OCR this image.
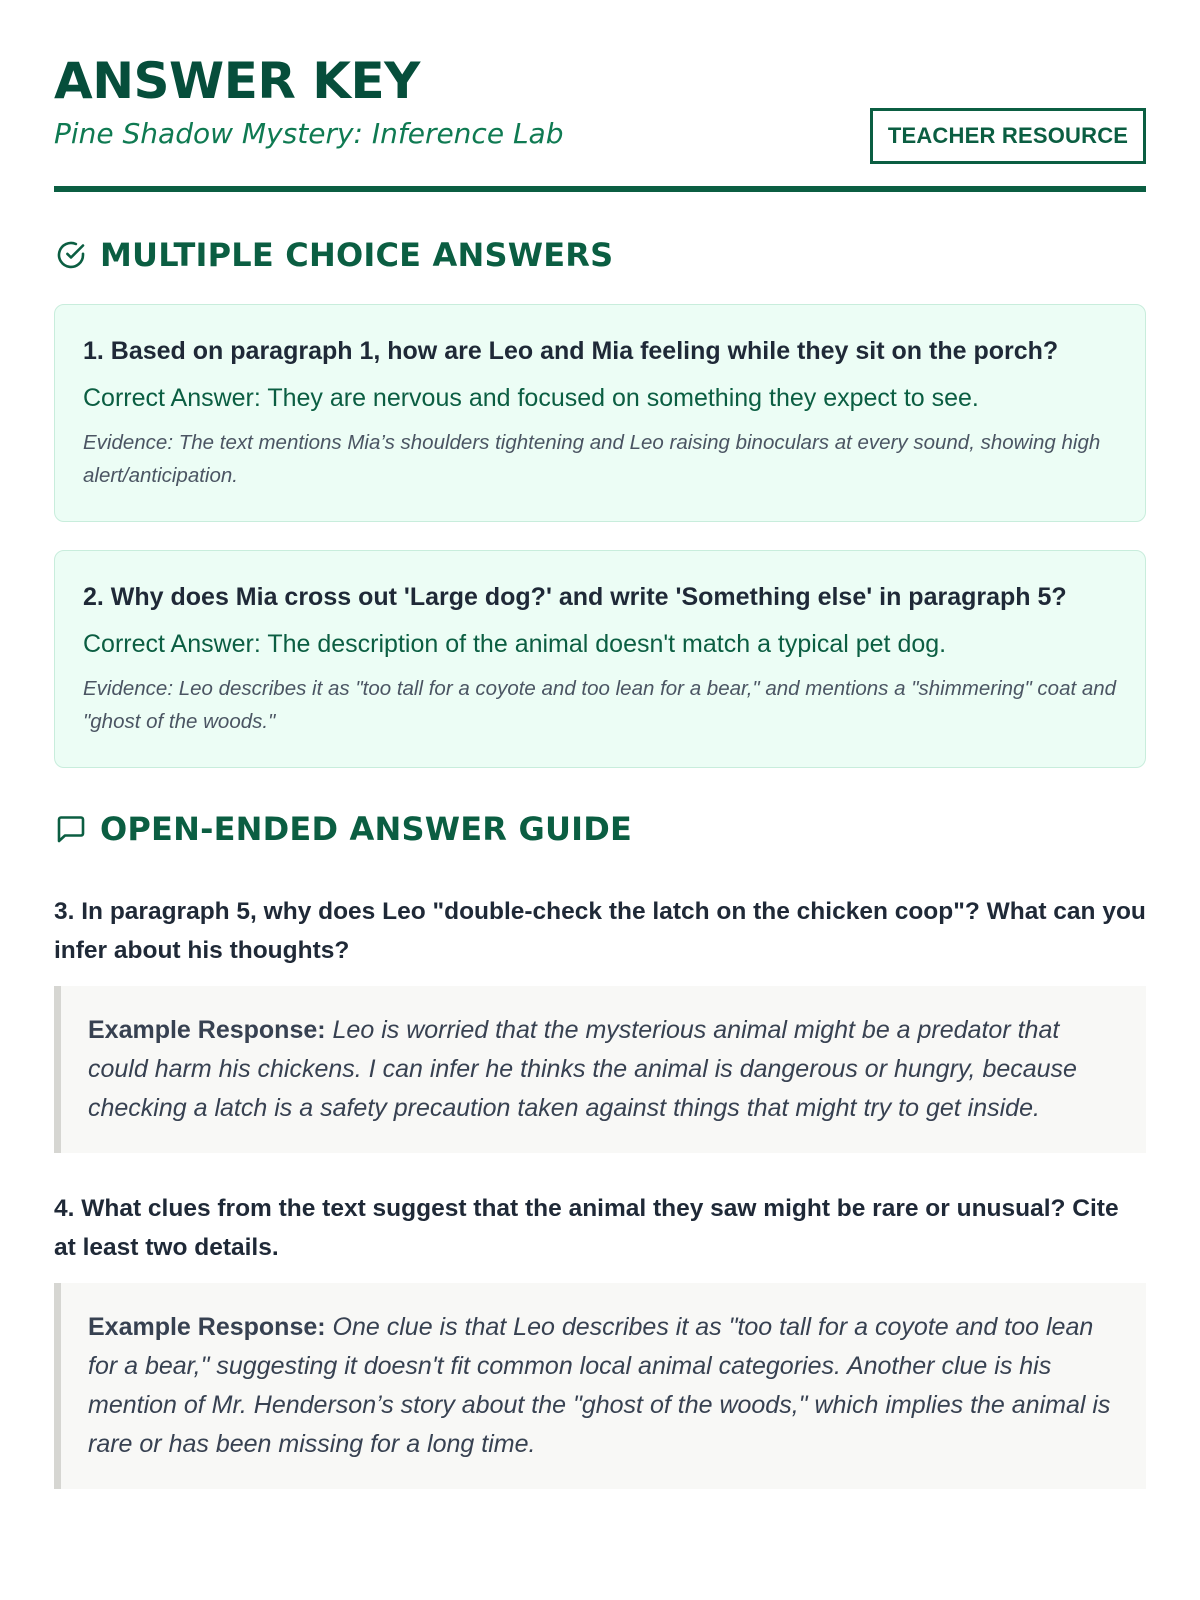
ANSWER KEY
Pine Shadow Mystery: Inference Lab	TEACHER RESOURCE
MULTIPLE CHOICE ANSWERS
1. Based on paragraph 1, how are Leo and Mia feeling while they sit on the porch?
Correct Answer: They are nervous and focused on something they expect to see.
Evidence: The text mentions Mia’s shoulders tightening and Leo raising binoculars at every sound, showing high alert/anticipation.
2. Why does Mia cross out 'Large dog?' and write 'Something else' in paragraph 5?
Correct Answer: The description of the animal doesn't match a typical pet dog.
Evidence: Leo describes it as "too tall for a coyote and too lean for a bear," and mentions a "shimmering" coat and "ghost of the woods."
OPEN-ENDED ANSWER GUIDE
3. In paragraph 5, why does Leo "double-check the latch on the chicken coop"? What can you infer about his thoughts?
Example Response: Leo is worried that the mysterious animal might be a predator that could harm his chickens. I can infer he thinks the animal is dangerous or hungry, because checking a latch is a safety precaution taken against things that might try to get inside.
4. What clues from the text suggest that the animal they saw might be rare or unusual? Cite at least two details.
Example Response: One clue is that Leo describes it as "too tall for a coyote and too lean for a bear," suggesting it doesn't fit common local animal categories. Another clue is his mention of Mr. Henderson’s story about the "ghost of the woods," which implies the animal is rare or has been missing for a long time.
